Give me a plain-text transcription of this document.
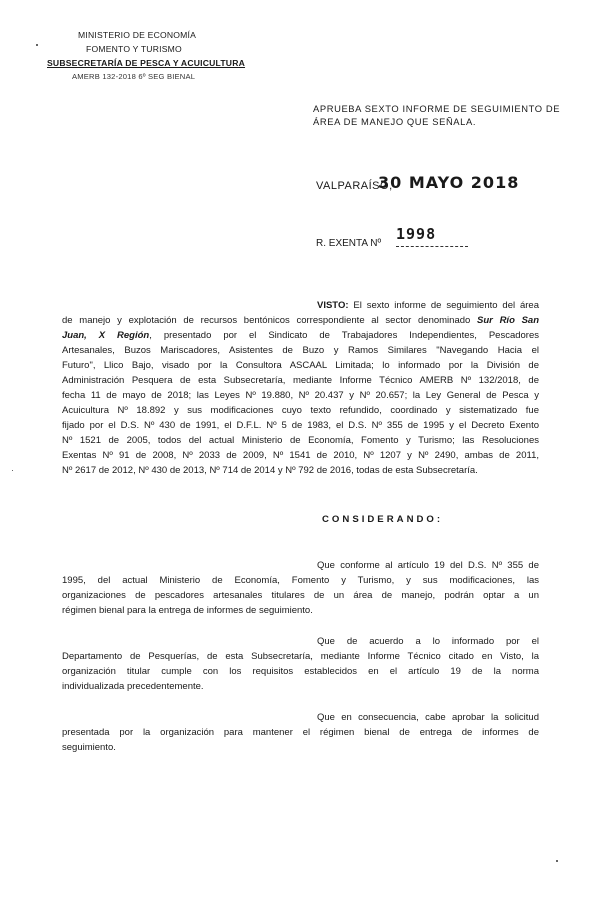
MINISTERIO DE ECONOMÍA
FOMENTO Y TURISMO
SUBSECRETARÍA DE PESCA Y ACUICULTURA
AMERB 132-2018 6º SEG BIENAL
APRUEBA SEXTO INFORME DE SEGUIMIENTO DE
ÁREA DE MANEJO QUE SEÑALA.
VALPARAÍSO,
30 MAYO 2018
R. EXENTA Nº
1998
VISTO: El sexto informe de seguimiento del área
de manejo y explotación de recursos bentónicos correspondiente al sector denominado Sur Río San
Juan, X Región, presentado por el Sindicato de Trabajadores Independientes, Pescadores
Artesanales, Buzos Mariscadores, Asistentes de Buzo y Ramos Similares "Navegando Hacia el
Futuro", Llico Bajo, visado por la Consultora ASCAAL Limitada; lo informado por la División de
Administración Pesquera de esta Subsecretaría, mediante Informe Técnico AMERB Nº 132/2018, de
fecha 11 de mayo de 2018; las Leyes Nº 19.880, Nº 20.437 y Nº 20.657; la Ley General de Pesca y
Acuicultura Nº 18.892 y sus modificaciones cuyo texto refundido, coordinado y sistematizado fue
fijado por el D.S. Nº 430 de 1991, el D.F.L. Nº 5 de 1983, el D.S. Nº 355 de 1995 y el Decreto Exento
Nº 1521 de 2005, todos del actual Ministerio de Economía, Fomento y Turismo; las Resoluciones
Exentas Nº 91 de 2008, Nº 2033 de 2009, Nº 1541 de 2010, Nº 1207 y Nº 2490, ambas de 2011,
Nº 2617 de 2012, Nº 430 de 2013, Nº 714 de 2014 y Nº 792 de 2016, todas de esta Subsecretaría.
CONSIDERANDO:
Que conforme al artículo 19 del D.S. Nº 355 de
1995, del actual Ministerio de Economía, Fomento y Turismo, y sus modificaciones, las
organizaciones de pescadores artesanales titulares de un área de manejo, podrán optar a un
régimen bienal para la entrega de informes de seguimiento.
Que de acuerdo a lo informado por el
Departamento de Pesquerías, de esta Subsecretaría, mediante Informe Técnico citado en Visto, la
organización titular cumple con los requisitos establecidos en el artículo 19 de la norma
individualizada precedentemente.
Que en consecuencia, cabe aprobar la solicitud
presentada por la organización para mantener el régimen bienal de entrega de informes de
seguimiento.
